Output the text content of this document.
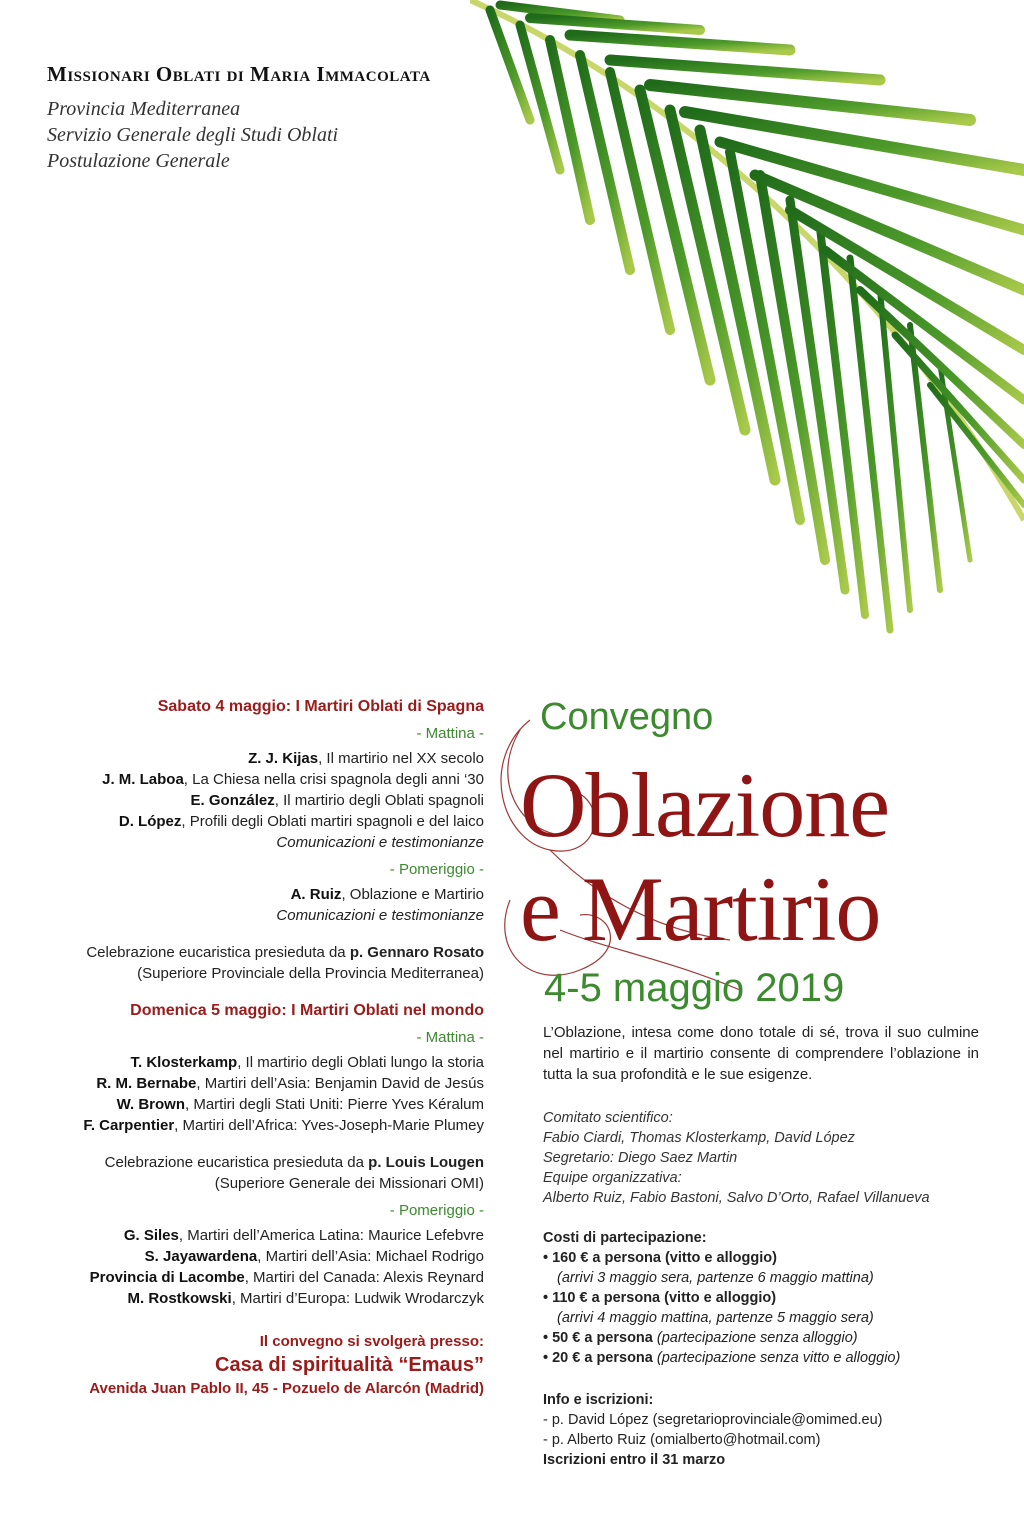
Missionari Oblati di Maria Immacolata
Provincia Mediterranea
Servizio Generale degli Studi Oblati
Postulazione Generale
Sabato 4 maggio: I Martiri Oblati di Spagna
- Mattina -
Z. J. Kijas, Il martirio nel XX secolo
J. M. Laboa, La Chiesa nella crisi spagnola degli anni ‘30
E. González, Il martirio degli Oblati spagnoli
D. López, Profili degli Oblati martiri spagnoli e del laico
Comunicazioni e testimonianze
- Pomeriggio -
A. Ruiz, Oblazione e Martirio
Comunicazioni e testimonianze
Celebrazione eucaristica presieduta da p. Gennaro Rosato
(Superiore Provinciale della Provincia Mediterranea)
Domenica 5 maggio: I Martiri Oblati nel mondo
- Mattina -
T. Klosterkamp, Il martirio degli Oblati lungo la storia
R. M. Bernabe, Martiri dell’Asia: Benjamin David de Jesús
W. Brown, Martiri degli Stati Uniti: Pierre Yves Kéralum
F. Carpentier, Martiri dell’Africa: Yves-Joseph-Marie Plumey
Celebrazione eucaristica presieduta da p. Louis Lougen
(Superiore Generale dei Missionari OMI)
- Pomeriggio -
G. Siles, Martiri dell’America Latina: Maurice Lefebvre
S. Jayawardena, Martiri dell’Asia: Michael Rodrigo
Provincia di Lacombe, Martiri del Canada: Alexis Reynard
M. Rostkowski, Martiri d’Europa: Ludwik Wrodarczyk
Il convegno si svolgerà presso:
Casa di spiritualità “Emaus”
Avenida Juan Pablo II, 45 - Pozuelo de Alarcón (Madrid)
Convegno
Oblazione
e Martirio
4-5 maggio 2019
L’Oblazione, intesa come dono totale di sé, trova il suo culmine nel martirio e il martirio consente di comprendere l’oblazione in tutta la sua profondità e le sue esigenze.
Comitato scientifico:
Fabio Ciardi, Thomas Klosterkamp, David López
Segretario: Diego Saez Martin
Equipe organizzativa:
Alberto Ruiz, Fabio Bastoni, Salvo D’Orto, Rafael Villanueva
Costi di partecipazione:
• 160 € a persona (vitto e alloggio)
(arrivi 3 maggio sera, partenze 6 maggio mattina)
• 110 € a persona (vitto e alloggio)
(arrivi 4 maggio mattina, partenze 5 maggio sera)
• 50 € a persona (partecipazione senza alloggio)
• 20 € a persona (partecipazione senza vitto e alloggio)
Info e iscrizioni:
- p. David López (segretarioprovinciale@omimed.eu)
- p. Alberto Ruiz (omialberto@hotmail.com)
Iscrizioni entro il 31 marzo
